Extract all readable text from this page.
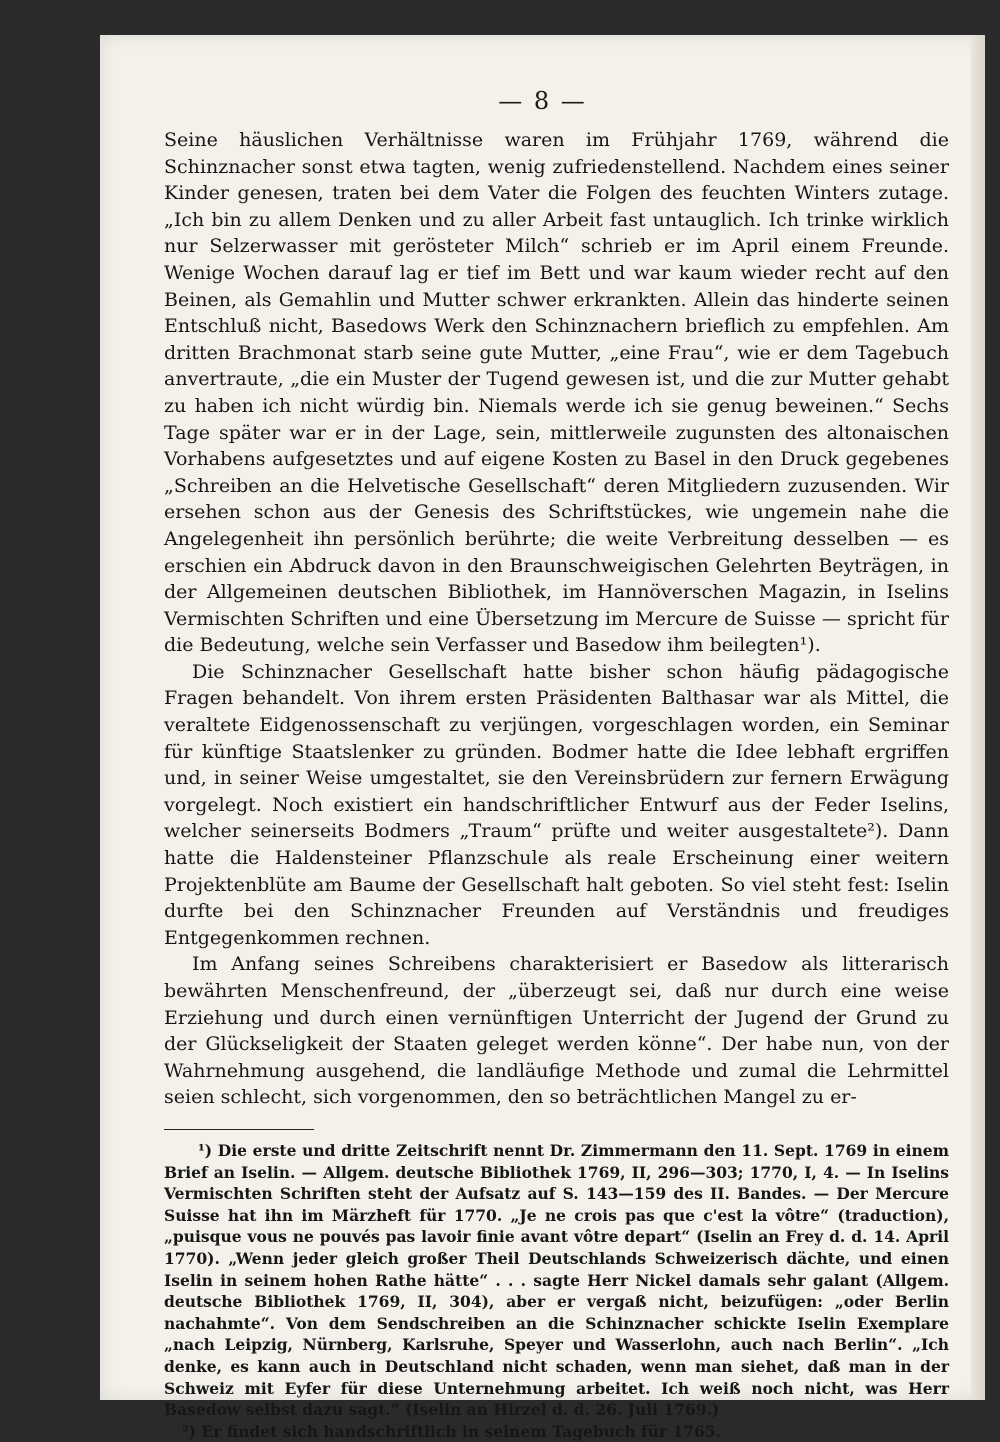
— 8 —

Seine häuslichen Verhältnisse waren im Frühjahr 1769, während die Schinznacher sonst etwa tagten, wenig zufriedenstellend. Nachdem eines seiner Kinder genesen, traten bei dem Vater die Folgen des feuchten Winters zutage. „Ich bin zu allem Denken und zu aller Arbeit fast untauglich. Ich trinke wirklich nur Selzerwasser mit gerösteter Milch“ schrieb er im April einem Freunde. Wenige Wochen darauf lag er tief im Bett und war kaum wieder recht auf den Beinen, als Gemahlin und Mutter schwer erkrankten. Allein das hinderte seinen Entschluß nicht, Basedows Werk den Schinznachern brieflich zu empfehlen. Am dritten Brachmonat starb seine gute Mutter, „eine Frau“, wie er dem Tagebuch anvertraute, „die ein Muster der Tugend gewesen ist, und die zur Mutter gehabt zu haben ich nicht würdig bin. Niemals werde ich sie genug beweinen.“ Sechs Tage später war er in der Lage, sein, mittlerweile zugunsten des altonaischen Vorhabens aufgesetztes und auf eigene Kosten zu Basel in den Druck gegebenes „Schreiben an die Helvetische Gesellschaft“ deren Mitgliedern zuzusenden. Wir ersehen schon aus der Genesis des Schriftstückes, wie ungemein nahe die Angelegenheit ihn persönlich berührte; die weite Verbreitung desselben — es erschien ein Abdruck davon in den Braunschweigischen Gelehrten Beyträgen, in der Allgemeinen deutschen Bibliothek, im Hannöverschen Magazin, in Iselins Vermischten Schriften und eine Übersetzung im Mercure de Suisse — spricht für die Bedeutung, welche sein Verfasser und Basedow ihm beilegten¹).

Die Schinznacher Gesellschaft hatte bisher schon häufig pädagogische Fragen behandelt. Von ihrem ersten Präsidenten Balthasar war als Mittel, die veraltete Eidgenossenschaft zu verjüngen, vorgeschlagen worden, ein Seminar für künftige Staatslenker zu gründen. Bodmer hatte die Idee lebhaft ergriffen und, in seiner Weise umgestaltet, sie den Vereinsbrüdern zur fernern Erwägung vorgelegt. Noch existiert ein handschriftlicher Entwurf aus der Feder Iselins, welcher seinerseits Bodmers „Traum“ prüfte und weiter ausgestaltete²). Dann hatte die Haldensteiner Pflanzschule als reale Erscheinung einer weitern Projektenblüte am Baume der Gesellschaft halt geboten. So viel steht fest: Iselin durfte bei den Schinznacher Freunden auf Verständnis und freudiges Entgegenkommen rechnen.

Im Anfang seines Schreibens charakterisiert er Basedow als litterarisch bewährten Menschenfreund, der „überzeugt sei, daß nur durch eine weise Erziehung und durch einen vernünftigen Unterricht der Jugend der Grund zu der Glückseligkeit der Staaten geleget werden könne“. Der habe nun, von der Wahrnehmung ausgehend, die landläufige Methode und zumal die Lehrmittel seien schlecht, sich vorgenommen, den so beträchtlichen Mangel zu er-

¹) Die erste und dritte Zeitschrift nennt Dr. Zimmermann den 11. Sept. 1769 in einem Brief an Iselin. — Allgem. deutsche Bibliothek 1769, II, 296—303; 1770, I, 4. — In Iselins Vermischten Schriften steht der Aufsatz auf S. 143—159 des II. Bandes. — Der Mercure Suisse hat ihn im Märzheft für 1770. „Je ne crois pas que c'est la vôtre“ (traduction), „puisque vous ne pouvés pas lavoir finie avant vôtre depart“ (Iselin an Frey d. d. 14. April 1770). „Wenn jeder gleich großer Theil Deutschlands Schweizerisch dächte, und einen Iselin in seinem hohen Rathe hätte“ . . . sagte Herr Nickel damals sehr galant (Allgem. deutsche Bibliothek 1769, II, 304), aber er vergaß nicht, beizufügen: „oder Berlin nachahmte“. Von dem Sendschreiben an die Schinznacher schickte Iselin Exemplare „nach Leipzig, Nürnberg, Karlsruhe, Speyer und Wasserlohn, auch nach Berlin“. „Ich denke, es kann auch in Deutschland nicht schaden, wenn man siehet, daß man in der Schweiz mit Eyfer für diese Unternehmung arbeitet. Ich weiß noch nicht, was Herr Basedow selbst dazu sagt.“ (Iselin an Hirzel d. d. 26. Juli 1769.)

²) Er findet sich handschriftlich in seinem Tagebuch für 1765.
